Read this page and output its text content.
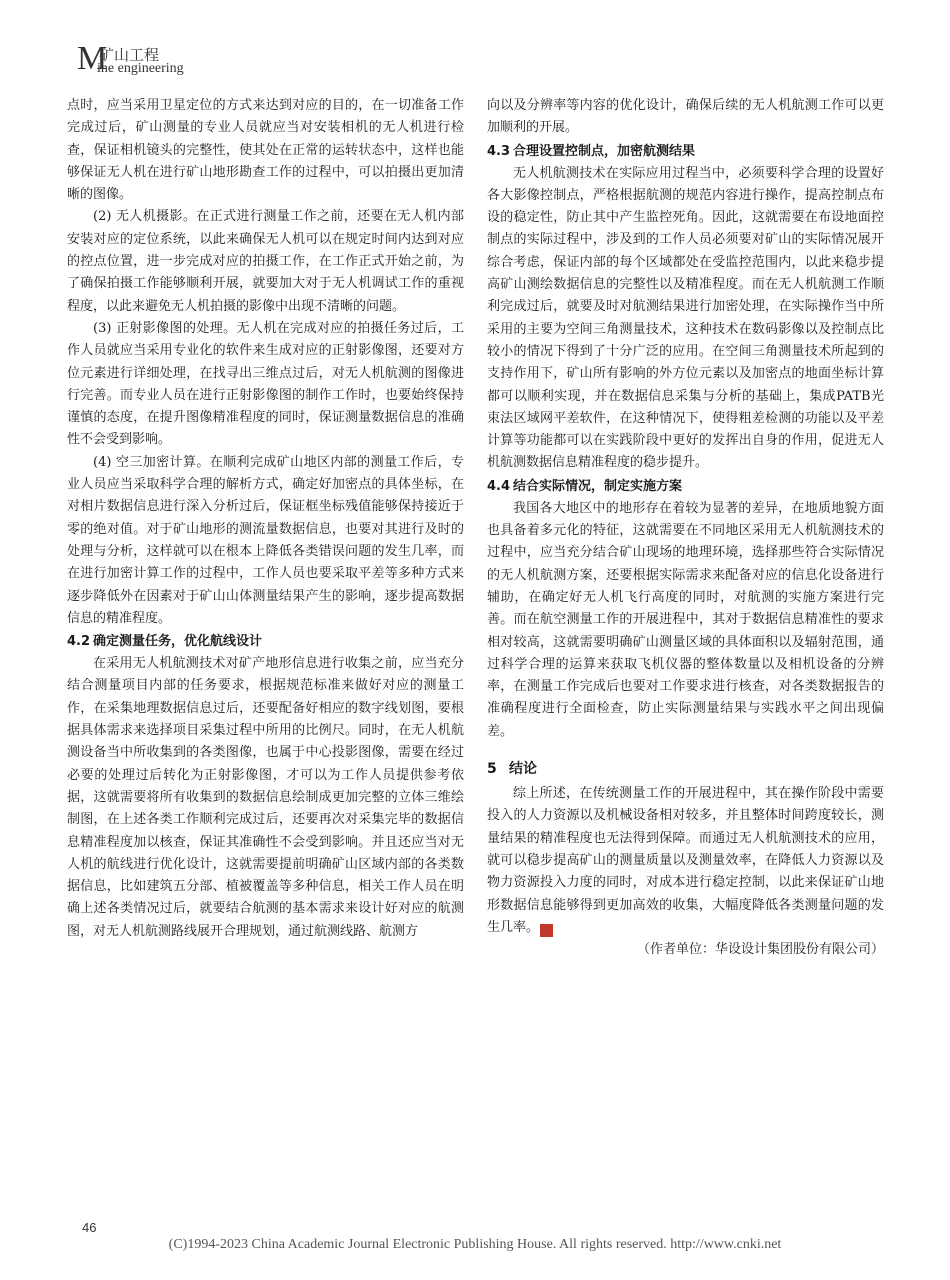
M
矿山工程
ine engineering

点时，应当采用卫星定位的方式来达到对应的目的，在一切准备工作完成过后，矿山测量的专业人员就应当对安装相机的无人机进行检查，保证相机镜头的完整性，使其处在正常的运转状态中，这样也能够保证无人机在进行矿山地形勘查工作的过程中，可以拍摄出更加清晰的图像。

(2) 无人机摄影。在正式进行测量工作之前，还要在无人机内部安装对应的定位系统，以此来确保无人机可以在规定时间内达到对应的控点位置，进一步完成对应的拍摄工作，在工作正式开始之前，为了确保拍摄工作能够顺利开展，就要加大对于无人机调试工作的重视程度，以此来避免无人机拍摄的影像中出现不清晰的问题。

(3) 正射影像图的处理。无人机在完成对应的拍摄任务过后，工作人员就应当采用专业化的软件来生成对应的正射影像图，还要对方位元素进行详细处理，在找寻出三维点过后，对无人机航测的图像进行完善。而专业人员在进行正射影像图的制作工作时，也要始终保持谨慎的态度，在提升图像精准程度的同时，保证测量数据信息的准确性不会受到影响。

(4) 空三加密计算。在顺利完成矿山地区内部的测量工作后，专业人员应当采取科学合理的解析方式，确定好加密点的具体坐标，在对相片数据信息进行深入分析过后，保证框坐标残值能够保持接近于零的绝对值。对于矿山地形的测流量数据信息，也要对其进行及时的处理与分析，这样就可以在根本上降低各类错误问题的发生几率，而在进行加密计算工作的过程中，工作人员也要采取平差等多种方式来逐步降低外在因素对于矿山山体测量结果产生的影响，逐步提高数据信息的精准程度。

4.2 确定测量任务，优化航线设计

在采用无人机航测技术对矿产地形信息进行收集之前，应当充分结合测量项目内部的任务要求，根据规范标准来做好对应的测量工作，在采集地理数据信息过后，还要配备好相应的数字线划图，要根据具体需求来选择项目采集过程中所用的比例尺。同时，在无人机航测设备当中所收集到的各类图像，也属于中心投影图像，需要在经过必要的处理过后转化为正射影像图，才可以为工作人员提供参考依据，这就需要将所有收集到的数据信息绘制成更加完整的立体三维绘制图，在上述各类工作顺利完成过后，还要再次对采集完毕的数据信息精准程度加以核查，保证其准确性不会受到影响。并且还应当对无人机的航线进行优化设计，这就需要提前明确矿山区域内部的各类数据信息，比如建筑五分部、植被覆盖等多种信息，相关工作人员在明确上述各类情况过后，就要结合航测的基本需求来设计好对应的航测图，对无人机航测路线展开合理规划，通过航测线路、航测方

向以及分辨率等内容的优化设计，确保后续的无人机航测工作可以更加顺利的开展。

4.3 合理设置控制点，加密航测结果

无人机航测技术在实际应用过程当中，必须要科学合理的设置好各大影像控制点，严格根据航测的规范内容进行操作，提高控制点布设的稳定性，防止其中产生监控死角。因此，这就需要在布设地面控制点的实际过程中，涉及到的工作人员必须要对矿山的实际情况展开综合考虑，保证内部的每个区域都处在受监控范围内，以此来稳步提高矿山测绘数据信息的完整性以及精准程度。而在无人机航测工作顺利完成过后，就要及时对航测结果进行加密处理，在实际操作当中所采用的主要为空间三角测量技术，这种技术在数码影像以及控制点比较小的情况下得到了十分广泛的应用。在空间三角测量技术所起到的支持作用下，矿山所有影响的外方位元素以及加密点的地面坐标计算都可以顺利实现，并在数据信息采集与分析的基础上，集成PATB光束法区域网平差软件，在这种情况下，使得粗差检测的功能以及平差计算等功能都可以在实践阶段中更好的发挥出自身的作用，促进无人机航测数据信息精准程度的稳步提升。

4.4 结合实际情况，制定实施方案

我国各大地区中的地形存在着较为显著的差异，在地质地貌方面也具备着多元化的特征，这就需要在不同地区采用无人机航测技术的过程中，应当充分结合矿山现场的地理环境，选择那些符合实际情况的无人机航测方案，还要根据实际需求来配备对应的信息化设备进行辅助，在确定好无人机飞行高度的同时，对航测的实施方案进行完善。而在航空测量工作的开展进程中，其对于数据信息精准性的要求相对较高，这就需要明确矿山测量区域的具体面积以及辐射范围，通过科学合理的运算来获取飞机仪器的整体数量以及相机设备的分辨率，在测量工作完成后也要对工作要求进行核查，对各类数据报告的准确程度进行全面检查，防止实际测量结果与实践水平之间出现偏差。

5 结论

综上所述，在传统测量工作的开展进程中，其在操作阶段中需要投入的人力资源以及机械设备相对较多，并且整体时间跨度较长，测量结果的精准程度也无法得到保障。而通过无人机航测技术的应用，就可以稳步提高矿山的测量质量以及测量效率，在降低人力资源以及物力资源投入力度的同时，对成本进行稳定控制，以此来保证矿山地形数据信息能够得到更加高效的收集，大幅度降低各类测量问题的发生几率。	通

（作者单位：华设设计集团股份有限公司）

46
(C)1994-2023 China Academic Journal Electronic Publishing House. All rights reserved. http://www.cnki.net
